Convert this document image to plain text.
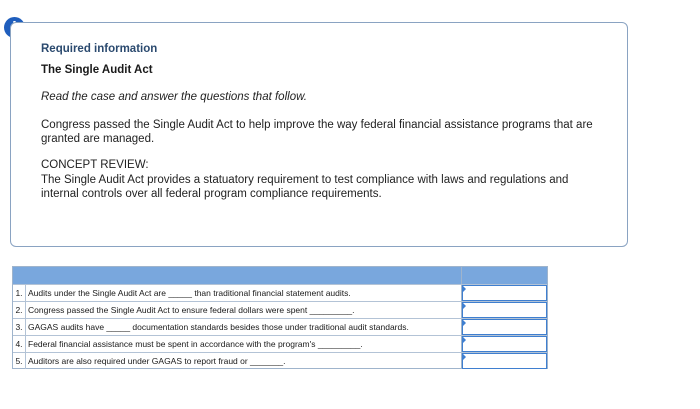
Required information
The Single Audit Act
Read the case and answer the questions that follow.
Congress passed the Single Audit Act to help improve the way federal financial assistance programs that are granted are managed.
CONCEPT REVIEW:
The Single Audit Act provides a statuatory requirement to test compliance with laws and regulations and internal controls over all federal program compliance requirements.
1. Audits under the Single Audit Act are _____ than traditional financial statement audits.
2. Congress passed the Single Audit Act to ensure federal dollars were spent _________.
3. GAGAS audits have _____ documentation standards besides those under traditional audit standards.
4. Federal financial assistance must be spent in accordance with the program's _________.
5. Auditors are also required under GAGAS to report fraud or _______.
